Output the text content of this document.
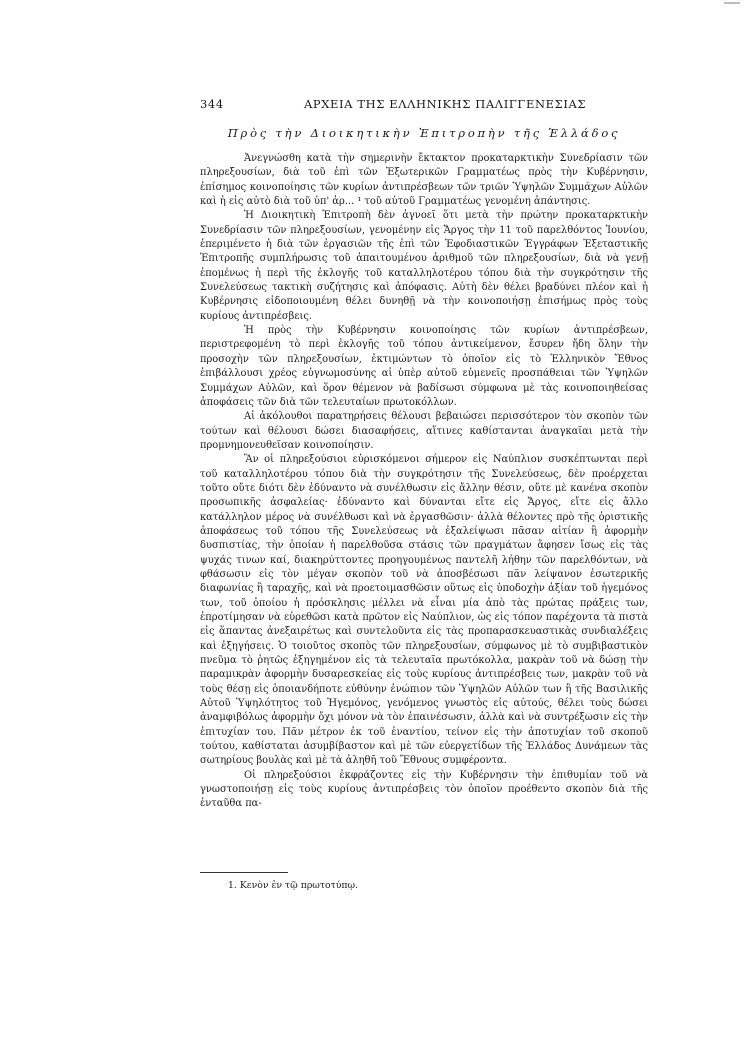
344	ΑΡΧΕΙΑ ΤΗΣ ΕΛΛΗΝΙΚΗΣ ΠΑΛΙΓΓΕΝΕΣΙΑΣ
Πρὸς τὴν Διοικητικὴν Ἐπιτροπὴν τῆς Ἑλλάδος

Ἀνεγνώσθη κατὰ τὴν σημερινὴν ἔκτακτον προκαταρκτικὴν Συνεδρίασιν τῶν πληρεξουσίων, διὰ τοῦ ἐπὶ τῶν Ἐξωτερικῶν Γραμματέως πρὸς τὴν Κυβέρνησιν, ἐπίσημος κοινοποίησις τῶν κυρίων ἀντιπρέσβεων τῶν τριῶν Ὑψηλῶν Συμμάχων Αὐλῶν καὶ ἡ εἰς αὐτὸ διὰ τοῦ ὑπ' ἀρ... ¹ τοῦ αὐτοῦ Γραμματέως γενομένη ἀπάντησις.

Ἡ Διοικητικὴ Ἐπιτροπὴ δὲν ἀγνοεῖ ὅτι μετὰ τὴν πρώτην προκαταρκτικὴν Συνεδρίασιν τῶν πληρεξουσίων, γενομένην εἰς Ἄργος τὴν 11 τοῦ παρελθόντος Ἰουνίου, ἐπεριμένετο ἡ διὰ τῶν ἐργασιῶν τῆς ἐπὶ τῶν Ἐφοδιαστικῶν Ἐγγράφων Ἐξεταστικῆς Ἐπιτροπῆς συμπλήρωσις τοῦ ἀπαιτουμένου ἀριθμοῦ τῶν πληρεξουσίων, διὰ νὰ γενῇ ἐπομένως ἡ περὶ τῆς ἐκλογῆς τοῦ καταλληλοτέρου τόπου διὰ τὴν συγκρότησιν τῆς Συνελεύσεως τακτικὴ συζήτησις καὶ ἀπόφασις. Αὐτὴ δὲν θέλει βραδύνει πλέον καὶ ἡ Κυβέρνησις εἰδοποιουμένη θέλει δυνηθῇ νὰ τὴν κοινοποιήσῃ ἐπισήμως πρὸς τοὺς κυρίους ἀντιπρέσβεις.

Ἡ πρὸς τὴν Κυβέρνησιν κοινοποίησις τῶν κυρίων ἀντιπρέσβεων, περιστρεφομένη τὸ περὶ ἐκλογῆς τοῦ τόπου ἀντικείμενον, ἔσυρεν ἤδη ὅλην τὴν προσοχὴν τῶν πληρεξουσίων, ἐκτιμώντων τὸ ὁποῖον εἰς τὸ Ἑλληνικὸν Ἔθνος ἐπιβάλλουσι χρέος εὐγνωμοσύνης αἱ ὑπὲρ αὐτοῦ εὐμενεῖς προσπάθειαι τῶν Ὑψηλῶν Συμμάχων Αὐλῶν, καὶ ὅρον θέμενον νὰ βαδίσωσι σύμφωνα μὲ τὰς κοινοποιηθείσας ἀποφάσεις τῶν διὰ τῶν τελευταίων πρωτοκόλλων.

Αἱ ἀκόλουθοι παρατηρήσεις θέλουσι βεβαιώσει περισσότερον τὸν σκοπὸν τῶν τούτων καὶ θέλουσι δώσει διασαφήσεις, αἵτινες καθίστανται ἀναγκαῖαι μετὰ τὴν προμνημονευθεῖσαν κοινοποίησιν.

Ἂν οἱ πληρεξούσιοι εὑρισκόμενοι σήμερον εἰς Ναύπλιον συσκέπτωνται περὶ τοῦ καταλληλοτέρου τόπου διὰ τὴν συγκρότησιν τῆς Συνελεύσεως, δὲν προέρχεται τοῦτο οὔτε διότι δὲν ἐδύναντο νὰ συνέλθωσιν εἰς ἄλλην θέσιν, οὔτε μὲ κανένα σκοπὸν προσωπικῆς ἀσφαλείας· ἐδύναντο καὶ δύνανται εἴτε εἰς Ἄργος, εἴτε εἰς ἄλλο κατάλληλον μέρος νὰ συνέλθωσι καὶ νὰ ἐργασθῶσιν· ἀλλὰ θέλοντες πρὸ τῆς ὁριστικῆς ἀποφάσεως τοῦ τόπου τῆς Συνελεύσεως νὰ ἐξαλείψωσι πᾶσαν αἰτίαν ἢ ἀφορμὴν δυσπιστίας, τὴν ὁποίαν ἡ παρελθοῦσα στάσις τῶν πραγμάτων ἄφησεν ἴσως εἰς τὰς ψυχάς τινων καί, διακηρύττοντες προηγουμένως παντελῆ λήθην τῶν παρελθόντων, νὰ φθάσωσιν εἰς τὸν μέγαν σκοπὸν τοῦ νὰ ἀποσβέσωσι πᾶν λείψανον ἐσωτερικῆς διαφωνίας ἢ ταραχῆς, καὶ νὰ προετοιμασθῶσιν οὕτως εἰς ὑποδοχὴν ἀξίαν τοῦ ἡγεμόνος των, τοῦ ὁποίου ἡ πρόσκλησις μέλλει νὰ εἶναι μία ἀπὸ τὰς πρώτας πράξεις των, ἐπροτίμησαν νὰ εὑρεθῶσι κατὰ πρῶτον εἰς Ναύπλιον, ὡς εἰς τόπον παρέχοντα τὰ πιστὰ εἰς ἅπαντας ἀνεξαιρέτως καὶ συντελοῦντα εἰς τὰς προπαρασκευαστικὰς συνδιαλέξεις καὶ ἐξηγήσεις. Ὁ τοιοῦτος σκοπὸς τῶν πληρεξουσίων, σύμφωνος μὲ τὸ συμβιβαστικὸν πνεῦμα τὸ ῥητῶς ἐξηγημένον εἰς τὰ τελευταῖα πρωτόκολλα, μακρὰν τοῦ νὰ δώσῃ τὴν παραμικρὰν ἀφορμὴν δυσαρεσκείας εἰς τοὺς κυρίους ἀντιπρέσβεις των, μακρὰν τοῦ νὰ τοὺς θέσῃ εἰς ὁποιανδήποτε εὐθύνην ἐνώπιον τῶν Ὑψηλῶν Αὐλῶν των ἢ τῆς Βασιλικῆς Αὐτοῦ Ὑψηλότητος τοῦ Ἡγεμόνος, γενόμενος γνωστὸς εἰς αὐτούς, θέλει τοὺς δώσει ἀναμφιβόλως ἀφορμὴν ὄχι μόνον νὰ τὸν ἐπαινέσωσιν, ἀλλὰ καὶ νὰ συντρέξωσιν εἰς τὴν ἐπιτυχίαν του. Πᾶν μέτρον ἐκ τοῦ ἐναντίου, τείνον εἰς τὴν ἀποτυχίαν τοῦ σκοποῦ τούτου, καθίσταται ἀσυμβίβαστον καὶ μὲ τῶν εὐεργετίδων τῆς Ἑλλάδος Δυνάμεων τὰς σωτηρίους βουλὰς καὶ μὲ τὰ ἀληθῆ τοῦ Ἔθνους συμφέροντα.

Οἱ πληρεξούσιοι ἐκφράζοντες εἰς τὴν Κυβέρνησιν τὴν ἐπιθυμίαν τοῦ νὰ γνωστοποιήσῃ εἰς τοὺς κυρίους ἀντιπρέσβεις τὸν ὁποῖον προέθεντο σκοπὸν διὰ τῆς ἐνταῦθα πα-

1. Κενὸν ἐν τῷ πρωτοτύπῳ.
